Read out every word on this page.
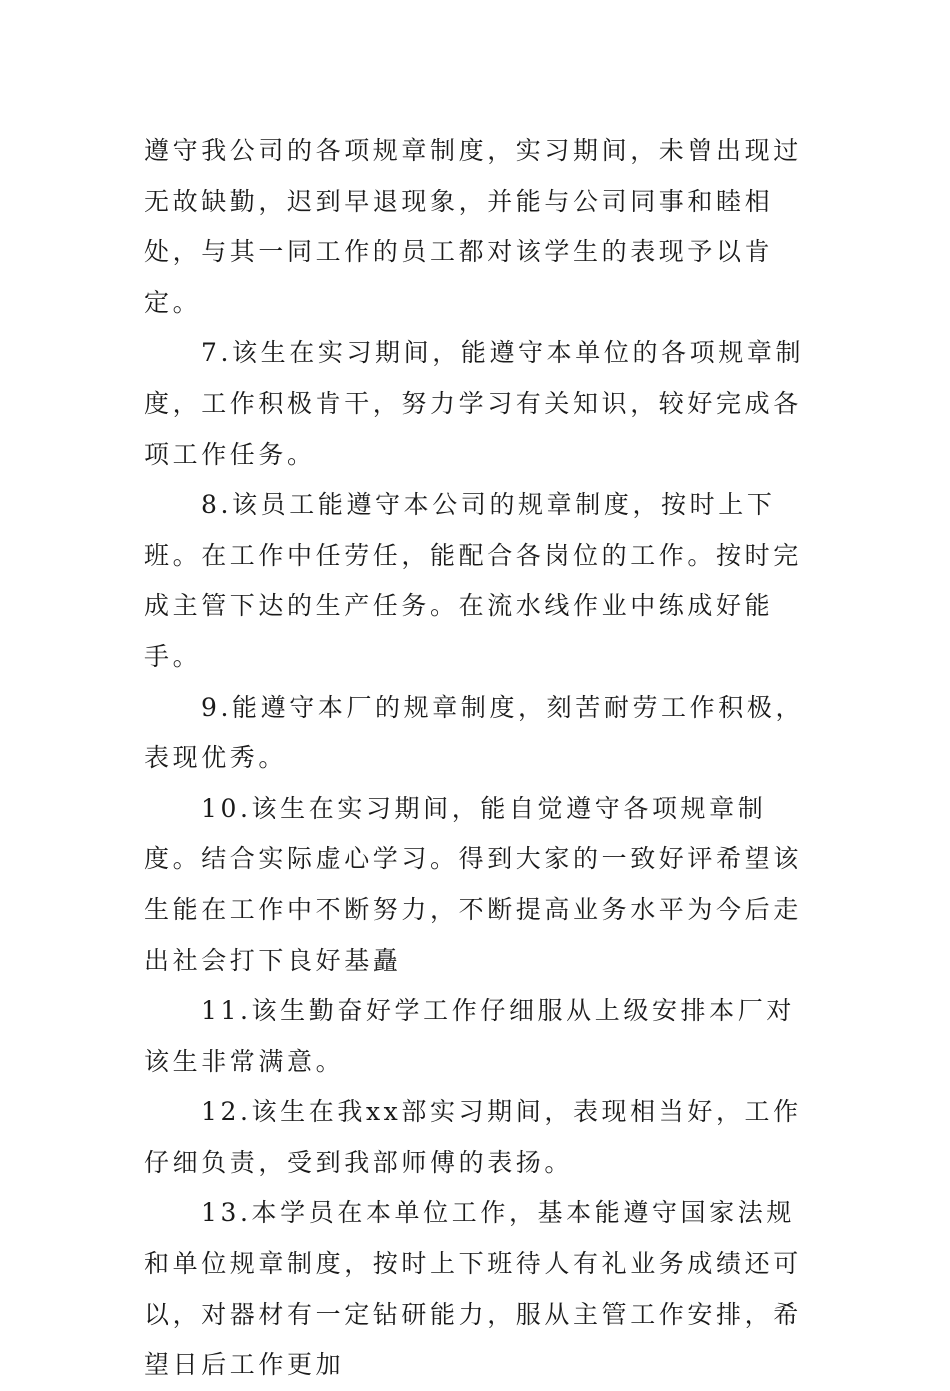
遵守我公司的各项规章制度，实习期间，未曾出现过无故缺勤，迟到早退现象，并能与公司同事和睦相处，与其一同工作的员工都对该学生的表现予以肯定。

7.该生在实习期间，能遵守本单位的各项规章制度，工作积极肯干，努力学习有关知识，较好完成各项工作任务。

8.该员工能遵守本公司的规章制度，按时上下班。在工作中任劳任，能配合各岗位的工作。按时完成主管下达的生产任务。在流水线作业中练成好能手。

9.能遵守本厂的规章制度，刻苦耐劳工作积极，表现优秀。

10.该生在实习期间，能自觉遵守各项规章制度。结合实际虚心学习。得到大家的一致好评希望该生能在工作中不断努力，不断提高业务水平为今后走出社会打下良好基矗

11.该生勤奋好学工作仔细服从上级安排本厂对该生非常满意。

12.该生在我xx部实习期间，表现相当好，工作仔细负责，受到我部师傅的表扬。

13.本学员在本单位工作，基本能遵守国家法规和单位规章制度，按时上下班待人有礼业务成绩还可以，对器材有一定钻研能力，服从主管工作安排，希望日后工作更加
